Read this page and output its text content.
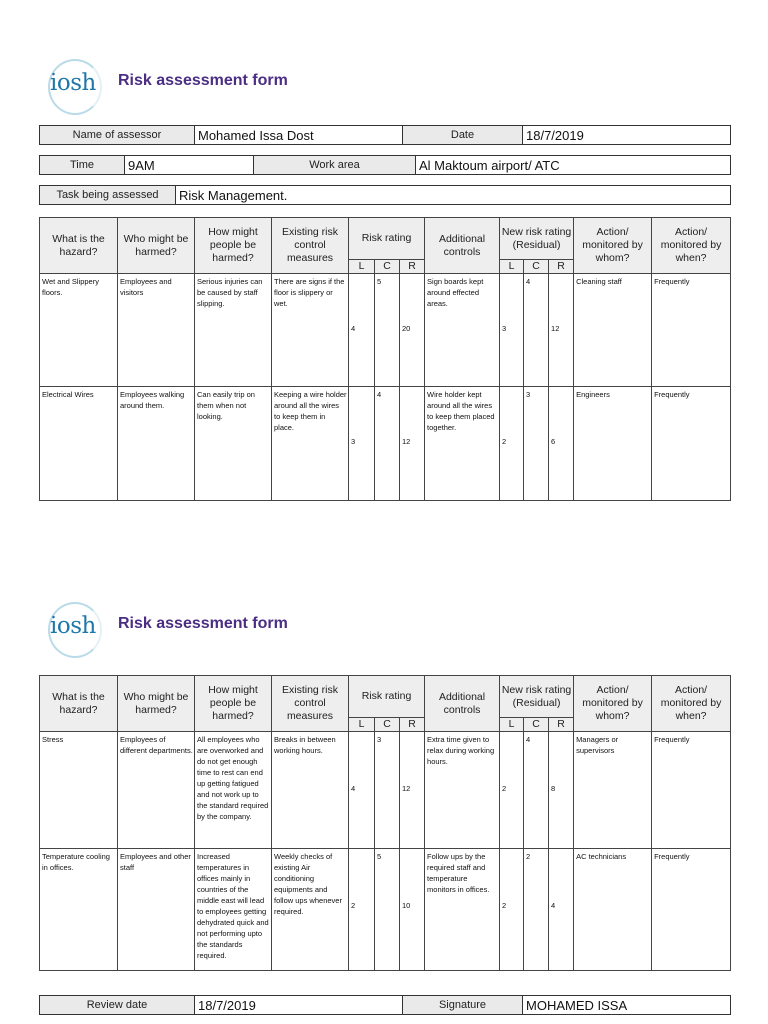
iosh Risk assessment form
Name of assessor	Mohamed Issa Dost	Date	18/7/2019
Time	9AM	Work area	Al Maktoum airport/ ATC
Task being assessed	Risk Management.
What is the hazard?	Who might be harmed?	How might people be harmed?	Existing risk control measures	Risk rating			Additional controls	New risk rating (Residual)			Action/ monitored by whom?	Action/ monitored by when?
				L	C	R		L	C	R		

Wet and Slippery floors.	Employees and visitors	Serious injuries can be caused by staff slipping.	There are signs if the floor is slippery or wet.	4	5	20	Sign boards kept around effected areas.	3	4	12	Cleaning staff	Frequently

Electrical Wires	Employees walking around them.	Can easily trip on them when not looking.	Keeping a wire holder around all the wires to keep them in place.	3	4	12	Wire holder kept around all the wires to keep them placed together.	2	3	6	Engineers	Frequently
iosh Risk assessment form
What is the hazard?	Who might be harmed?	How might people be harmed?	Existing risk control measures	Risk rating			Additional controls	New risk rating (Residual)			Action/ monitored by whom?	Action/ monitored by when?
				L	C	R		L	C	R		

Stress	Employees of different departments.	All employees who are overworked and do not get enough time to rest can end up getting fatigued and not work up to the standard required by the company.	Breaks in between working hours.	4	3	12	Extra time given to relax during working hours.	2	4	8	Managers or supervisors	Frequently

Temperature cooling in offices.	Employees and other staff	Increased temperatures in offices mainly in countries of the middle east will lead to employees getting dehydrated quick and not performing upto the standards required.	Weekly checks of existing Air conditioning equipments and follow ups whenever required.	2	5	10	Follow ups by the required staff and temperature monitors in offices.	2	2	4	AC technicians	Frequently
Review date	18/7/2019	Signature	MOHAMED ISSA
